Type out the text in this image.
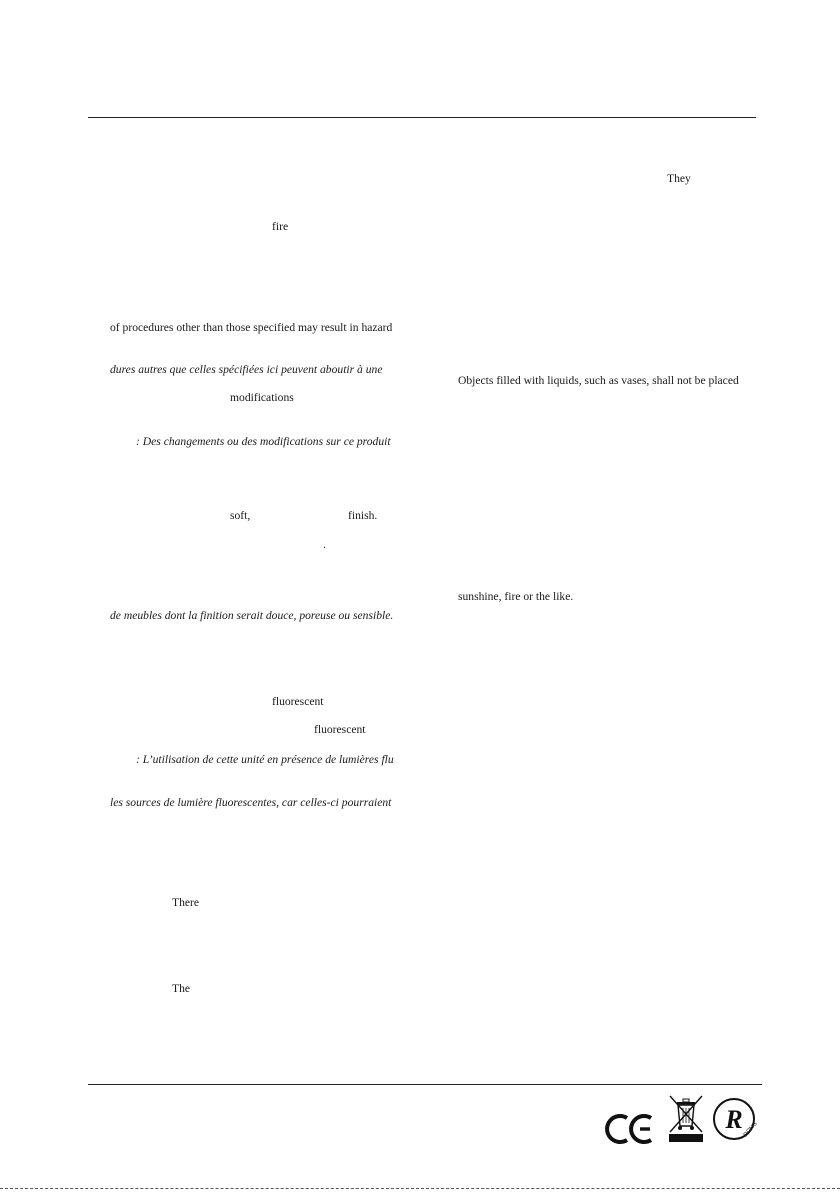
They
fire
of procedures other than those specified may result in hazard
dures autres que celles spécifiées ici peuvent aboutir à une
Objects filled with liquids, such as vases, shall not be placed
modifications
: Des changements ou des modifications sur ce produit
soft,	finish.
.
sunshine, fire or the like.
de meubles dont la finition serait douce, poreuse ou sensible.
fluorescent
fluorescent
: L’utilisation de cette unité en présence de lumières flu
les sources de lumière fluorescentes, car celles-ci pourraient
There
The
CE	R ROHS
